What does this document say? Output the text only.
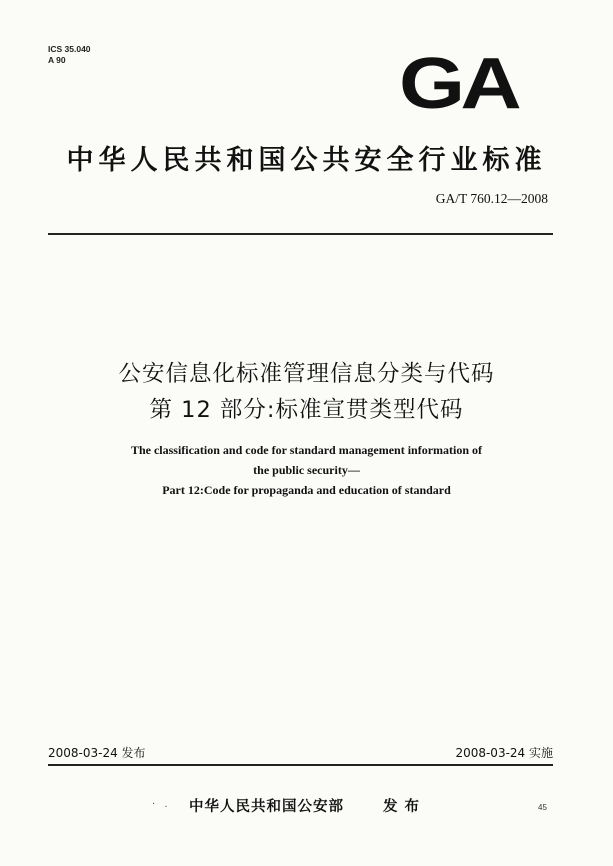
ICS 35.040
A 90	GA
中华人民共和国公共安全行业标准
GA/T 760.12—2008
公安信息化标准管理信息分类与代码
第 12 部分:标准宣贯类型代码
The classification and code for standard management information of
the public security—
Part 12:Code for propaganda and education of standard
2008-03-24 发布	2008-03-24 实施
· . 中华人民共和国公安部	发 布	45
